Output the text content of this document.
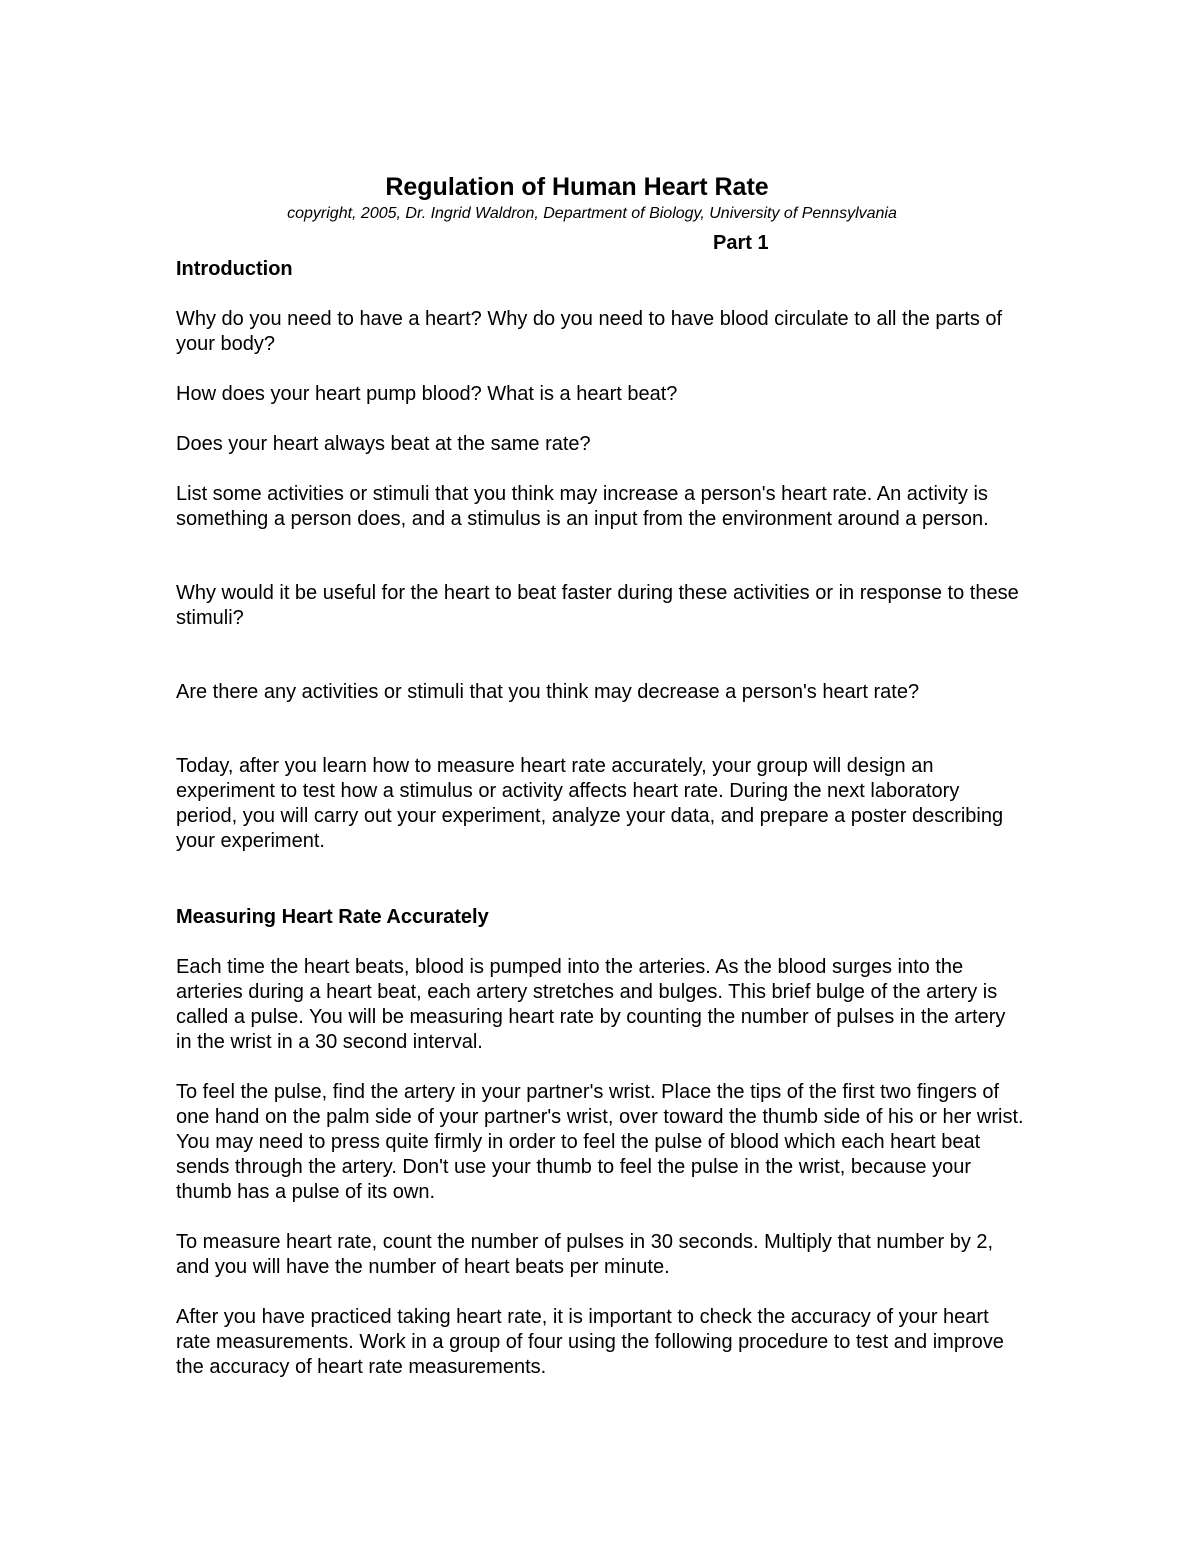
Regulation of Human Heart Rate

copyright, 2005, Dr. Ingrid Waldron, Department of Biology, University of Pennsylvania

Part 1
Introduction

Why do you need to have a heart? Why do you need to have blood circulate to all the parts of your body?

How does your heart pump blood? What is a heart beat?

Does your heart always beat at the same rate?

List some activities or stimuli that you think may increase a person's heart rate. An activity is something a person does, and a stimulus is an input from the environment around a person.

Why would it be useful for the heart to beat faster during these activities or in response to these stimuli?

Are there any activities or stimuli that you think may decrease a person's heart rate?

Today, after you learn how to measure heart rate accurately, your group will design an experiment to test how a stimulus or activity affects heart rate. During the next laboratory period, you will carry out your experiment, analyze your data, and prepare a poster describing your experiment.

Measuring Heart Rate Accurately

Each time the heart beats, blood is pumped into the arteries. As the blood surges into the arteries during a heart beat, each artery stretches and bulges. This brief bulge of the artery is called a pulse. You will be measuring heart rate by counting the number of pulses in the artery in the wrist in a 30 second interval.

To feel the pulse, find the artery in your partner's wrist. Place the tips of the first two fingers of one hand on the palm side of your partner's wrist, over toward the thumb side of his or her wrist. You may need to press quite firmly in order to feel the pulse of blood which each heart beat sends through the artery. Don't use your thumb to feel the pulse in the wrist, because your thumb has a pulse of its own.

To measure heart rate, count the number of pulses in 30 seconds. Multiply that number by 2, and you will have the number of heart beats per minute.

After you have practiced taking heart rate, it is important to check the accuracy of your heart rate measurements. Work in a group of four using the following procedure to test and improve the accuracy of heart rate measurements.
